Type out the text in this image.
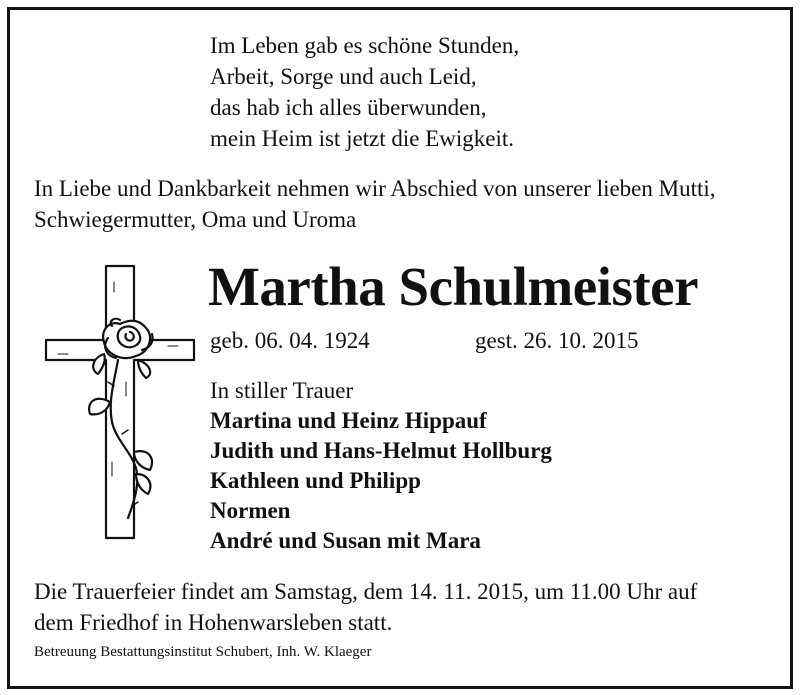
Im Leben gab es schöne Stunden,
Arbeit, Sorge und auch Leid,
das hab ich alles überwunden,
mein Heim ist jetzt die Ewigkeit.
In Liebe und Dankbarkeit nehmen wir Abschied von unserer lieben Mutti,
Schwiegermutter, Oma und Uroma
Martha Schulmeister
geb. 06. 04. 1924	gest. 26. 10. 2015
In stiller Trauer
Martina und Heinz Hippauf
Judith und Hans-Helmut Hollburg
Kathleen und Philipp
Normen
André und Susan mit Mara
Die Trauerfeier findet am Samstag, dem 14. 11. 2015, um 11.00 Uhr auf
dem Friedhof in Hohenwarsleben statt.
Betreuung Bestattungsinstitut Schubert, Inh. W. Klaeger
